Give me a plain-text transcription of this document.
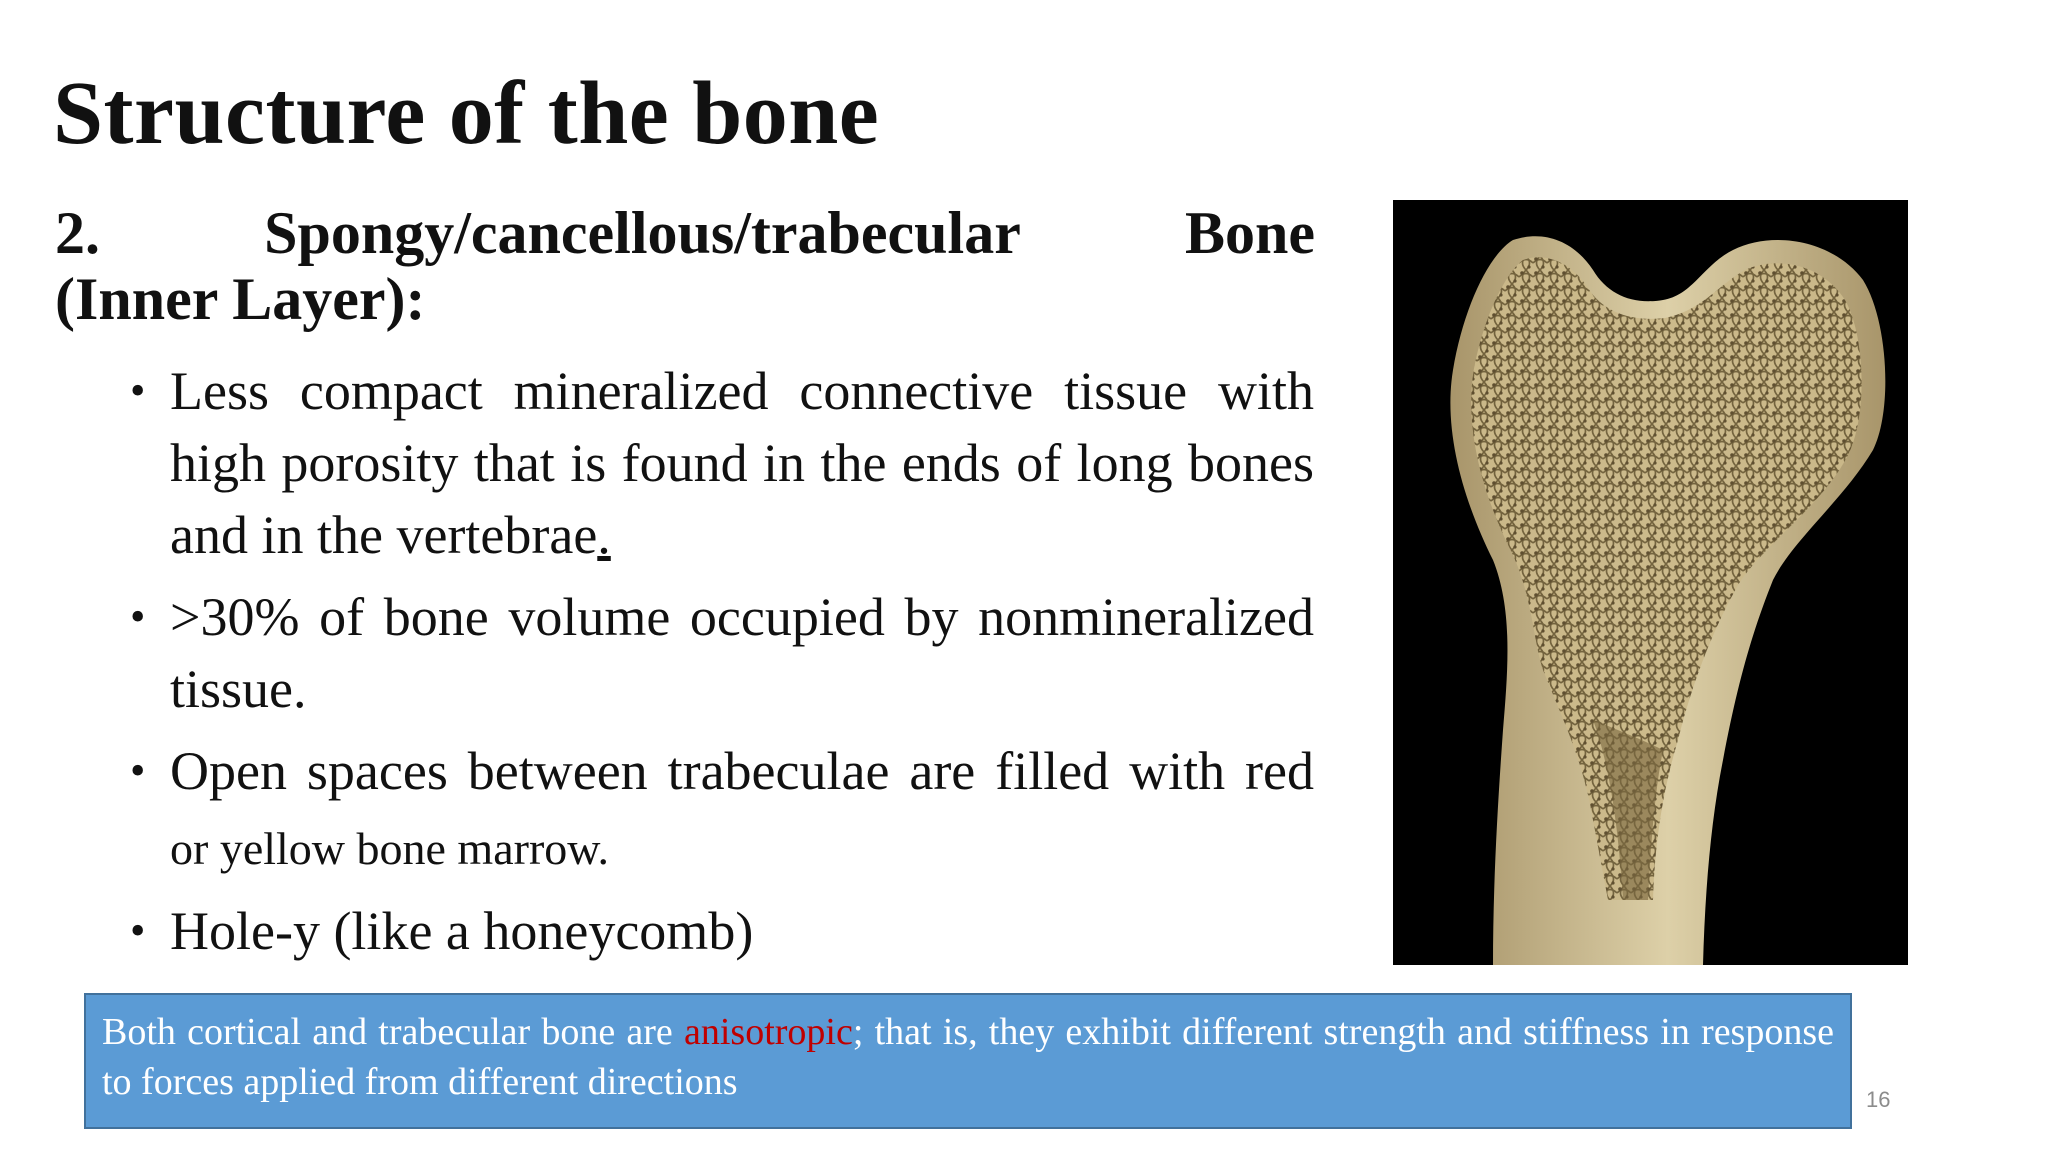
Structure of the bone
2.	Spongy/cancellous/trabecular	Bone
(Inner Layer):
• Less compact mineralized connective tissue with high porosity that is found in the ends of long bones and in the vertebrae.
• >30% of bone volume occupied by nonmineralized tissue.
• Open spaces between trabeculae are filled with red or yellow bone marrow.
• Hole-y (like a honeycomb)
Both cortical and trabecular bone are anisotropic; that is, they exhibit different strength and stiffness in response to forces applied from different directions	16
